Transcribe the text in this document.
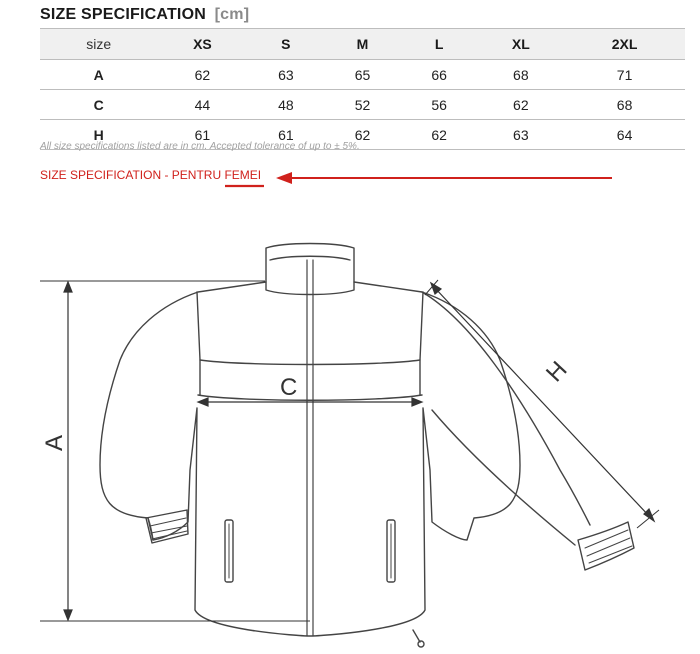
SIZE SPECIFICATION [cm]
size	XS	S	M	L	XL	2XL
A	62	63	65	66	68	71
C	44	48	52	56	62	68
H	61	61	62	62	63	64
All size specifications listed are in cm. Accepted tolerance of up to ± 5%.
SIZE SPECIFICATION - PENTRU FEMEI
A
C
H
